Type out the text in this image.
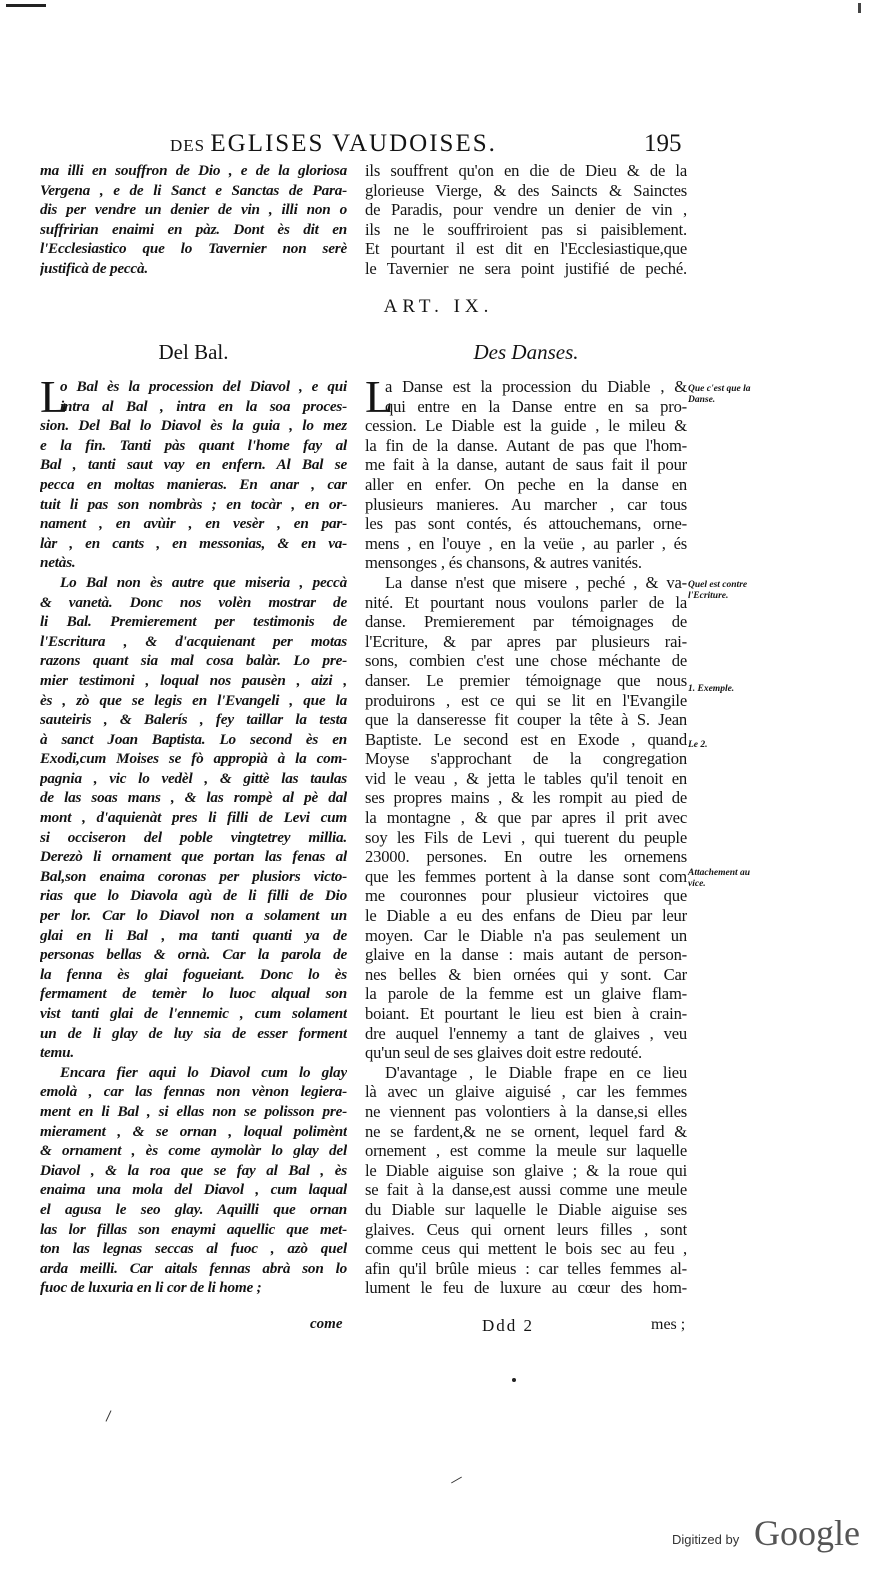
DES EGLISES VAUDOISES.	195
ma illi en souffron de Dio , e de la gloriosa
Vergena , e de li Sanct e Sanctas de Para-
dis per vendre un denier de vin , illi non o
suffririan enaimi en pàz. Dont ès dit en
l'Ecclesiastico que lo Tavernier non serè
justificà de peccà.
ils souffrent qu'on en die de Dieu & de la
glorieuse Vierge, & des Saincts & Sainctes
de Paradis, pour vendre un denier de vin ,
ils ne le souffriroient pas si paisiblement.
Et pourtant il est dit en l'Ecclesiastique,que
le Tavernier ne sera point justifié de peché.
ART. IX.
Del Bal.	Des Danses.
o Bal ès la procession del Diavol , e qui
intra al Bal , intra en la soa proces-
sion. Del Bal lo Diavol ès la guia , lo mez
e la fin. Tanti pàs quant l'home fay al
Bal , tanti saut vay en enfern. Al Bal se
pecca en moltas manieras. En anar , car
tuit li pas son nombràs ; en tocàr , en or-
nament , en avùir , en vesèr , en par-
làr , en cants , en messonias, & en va-
netàs.
Lo Bal non ès autre que miseria , peccà
& vanetà. Donc nos volèn mostrar de
li Bal. Premierement per testimonis de
l'Escritura , & d'acquienant per motas
razons quant sia mal cosa balàr. Lo pre-
mier testimoni , loqual nos pausèn , aizi ,
ès , zò que se legis en l'Evangeli , que la
sauteiris , & Balerís , fey taillar la testa
à sanct Joan Baptista. Lo second ès en
Exodi,cum Moises se fò appropià à la com-
pagnia , vic lo vedèl , & gittè las taulas
de las soas mans , & las rompè al pè dal
mont , d'aquienàt pres li filli de Levi cum
si occiseron del poble vingtetrey millia.
Derezò li ornament que portan las fenas al
Bal,son enaima coronas per plusiors victo-
rias que lo Diavola agù de li filli de Dio
per lor. Car lo Diavol non a solament un
glai en li Bal , ma tanti quanti ya de
personas bellas & ornà. Car la parola de
la fenna ès glai fogueiant. Donc lo ès
fermament de temèr lo luoc alqual son
vist tanti glai de l'ennemic , cum solament
un de li glay de luy sia de esser forment
temu.
Encara fier aqui lo Diavol cum lo glay
emolà , car las fennas non vènon legiera-
ment en li Bal , si ellas non se polisson pre-
mierament , & se ornan , loqual polimènt
& ornament , ès come aymolàr lo glay del
Diavol , & la roa que se fay al Bal , ès
enaima una mola del Diavol , cum laqual
el agusa le seo glay. Aquilli que ornan
las lor fillas son enaymi aquellic que met-
ton las legnas seccas al fuoc , azò quel
arda meilli. Car aitals fennas abrà son lo
fuoc de luxuria en li cor de li home ;
L	a Danse est la procession du Diable , &
qui entre en la Danse entre en sa pro-
cession. Le Diable est la guide , le mileu &
la fin de la danse. Autant de pas que l'hom-
me fait à la danse, autant de saus fait il pour
aller en enfer. On peche en la danse en
plusieurs manieres. Au marcher , car tous
les pas sont contés, és attouchemans, orne-
mens , en l'ouye , en la veüe , au parler , és
mensonges , és chansons, & autres vanités.
La danse n'est que misere , peché , & va-
nité. Et pourtant nous voulons parler de la
danse. Premierement par témoignages de
l'Ecriture, & par apres par plusieurs rai-
sons, combien c'est une chose méchante de
danser. Le premier témoignage que nous
produirons , est ce qui se lit en l'Evangile
que la danseresse fit couper la tête à S. Jean
Baptiste. Le second est en Exode , quand
Moyse s'approchant de la congregation
vid le veau , & jetta le tables qu'il tenoit en
ses propres mains , & les rompit au pied de
la montagne , & que par apres il prit avec
soy les Fils de Levi , qui tuerent du peuple
23000. persones. En outre les ornemens
que les femmes portent à la danse sont com
me couronnes pour plusieur victoires que
le Diable a eu des enfans de Dieu par leur
moyen. Car le Diable n'a pas seulement un
glaive en la danse : mais autant de person-
nes belles & bien ornées qui y sont. Car
la parole de la femme est un glaive flam-
boiant. Et pourtant le lieu est bien à crain-
dre auquel l'ennemy a tant de glaives , veu
qu'un seul de ses glaives doit estre redouté.
D'avantage , le Diable frape en ce lieu
là avec un glaive aiguisé , car les femmes
ne viennent pas volontiers à la danse,si elles
ne se fardent,& ne se ornent, lequel fard &
ornement , est comme la meule sur laquelle
le Diable aiguise son glaive ; & la roue qui
se fait à la danse,est aussi comme une meule
du Diable sur laquelle le Diable aiguise ses
glaives. Ceus qui ornent leurs filles , sont
comme ceus qui mettent le bois sec au feu ,
afin qu'il brûle mieus : car telles femmes al-
lument le feu de luxure au cœur des hom-
L	Que c'est que la Danse.
Quel est contre l'Ecriture.
1. Exemple.
Le 2.
Attachement au vice.
come	Ddd 2	mes ;
Digitized by Google
